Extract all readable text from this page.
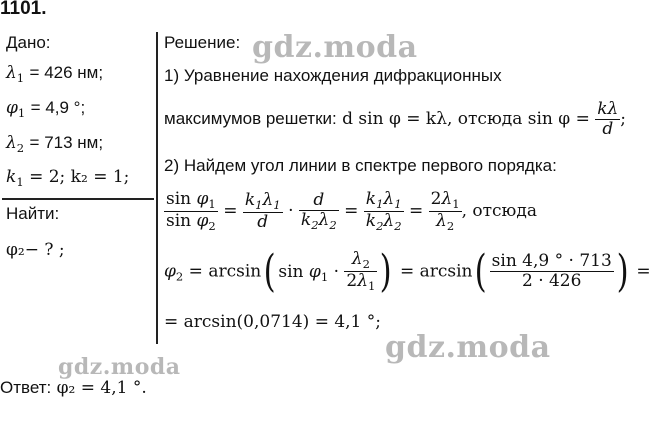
1101.
Дано:
$\lambda_1 = 426$ нм;
$\varphi_1 = 4,9$ °;
$\lambda_2 = 713$ нм;
$k_1 = 2$; k₂ = 1;
Найти:
φ₂− ? ;
Решение:
1) Уравнение нахождения дифракционных
максимумов решетки: d sin φ = kλ, отсюда $\sin \varphi = \frac{k\lambda}{d}$ ;
2) Найдем угол линии в спектре первого порядка:
$\frac{\sin \varphi_1}{\sin \varphi_2} = \frac{k_1\lambda_1}{d} \cdot \frac{d}{k_2\lambda_2} = \frac{k_1\lambda_1}{k_2\lambda_2} = \frac{2\lambda_1}{\lambda_2}$ , отсюда
$\varphi_2 = \arcsin$( $\sin \varphi_1 \cdot \frac{\lambda_2}{2\lambda_1}$ ) = $\arcsin( \frac{\sin 4,9 ^\circ \cdot 713}{2 \cdot 426}$ ) =
= arcsin(0,0714) = 4,1 °;
Ответ: φ₂ = 4,1 °.
gdz.moda
gdz.moda
gdz.moda
